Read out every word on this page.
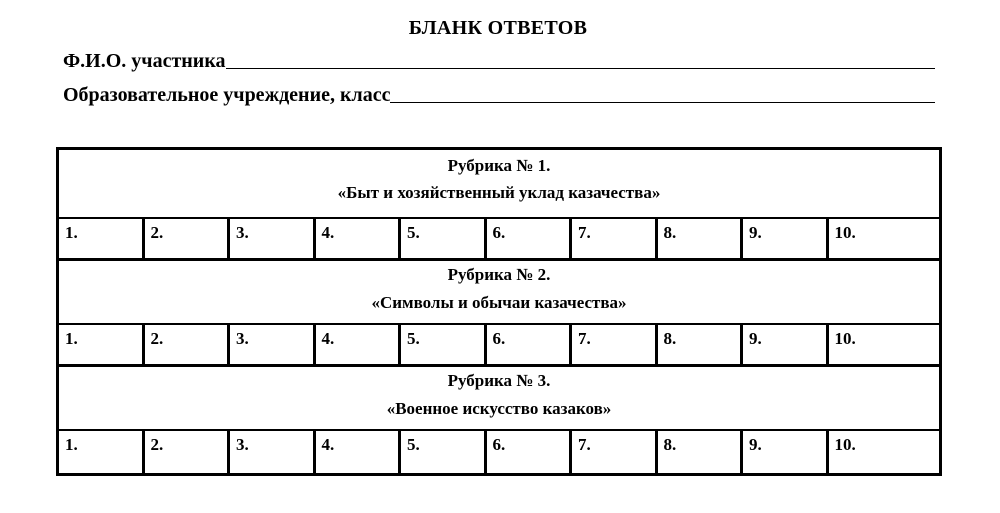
БЛАНК ОТВЕТОВ
Ф.И.О. участника
Образовательное учреждение, класс
Рубрика № 1.
«Быт и хозяйственный уклад казачества»
1.	2.	3.	4.	5.	6.	7.	8.	9.	10.
Рубрика № 2.
«Символы и обычаи казачества»
1.	2.	3.	4.	5.	6.	7.	8.	9.	10.
Рубрика № 3.
«Военное искусство казаков»
1.	2.	3.	4.	5.	6.	7.	8.	9.	10.
